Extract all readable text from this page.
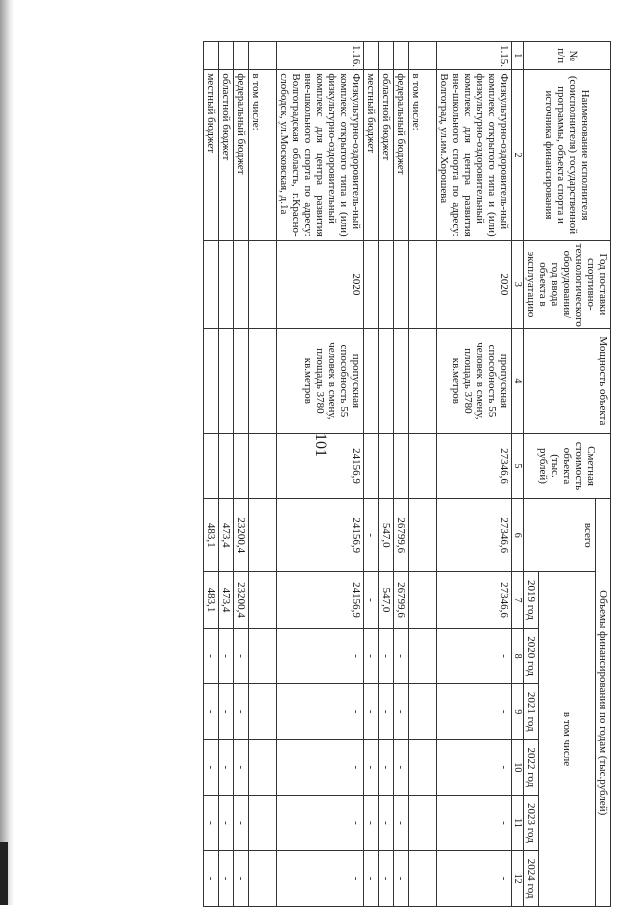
101
№ п/п	Наименование исполнителя (соисполнителя) государственной программы, объекта спорта и источника финансирования	Год поставки спортивно-технологического оборудования/ год ввода объекта в эксплуатацию	Мощность объекта	Сметная стоимость объекта (тыс. рублей)	Объемы финансирования по годам (тыс.рублей)						
					всего	в том числе					
						2019 год	2020 год	2021 год	2022 год	2023 год	2024 год
1	2	3	4	5	6	7	8	9	10	11	12
1.15.	Физкультурно-оздоровитель-ный комплекс открытого типа и (или) физкультурно-оздоровительный комплекс для центра развития вне-школьного спорта по адресу: Волгоград, ул.им.Хорошева	2020	пропускная способность 55 человек в смену, площадь 3780 кв.метров	27346,6	27346,6	27346,6	-	-	-	-	-
	в том числе:										
	федеральный бюджет				26799,6	26799,6	-	-	-	-	-
	областной бюджет				547,0	547,0	-	-	-	-	-
	местный бюджет				-	-	-	-	-	-	-
1.16.	Физкультурно-оздоровитель-ный комплекс открытого типа и (или) физкультурно-оздоровительный комплекс для центра развития вне-школьного спорта по адресу: Волгоградская область, г.Красно-слободск, ул.Московская, д.1а	2020	пропускная способность 55 человек в смену, площадь 3780 кв.метров	24156,9	24156,9	24156,9	-	-	-	-	-
	в том числе:										
	федеральный бюджет				23200,4	23200,4	-	-	-	-	-
	областной бюджет				473,4	473,4	-	-	-	-	-
	местный бюджет				483,1	483,1	-	-	-	-	-
